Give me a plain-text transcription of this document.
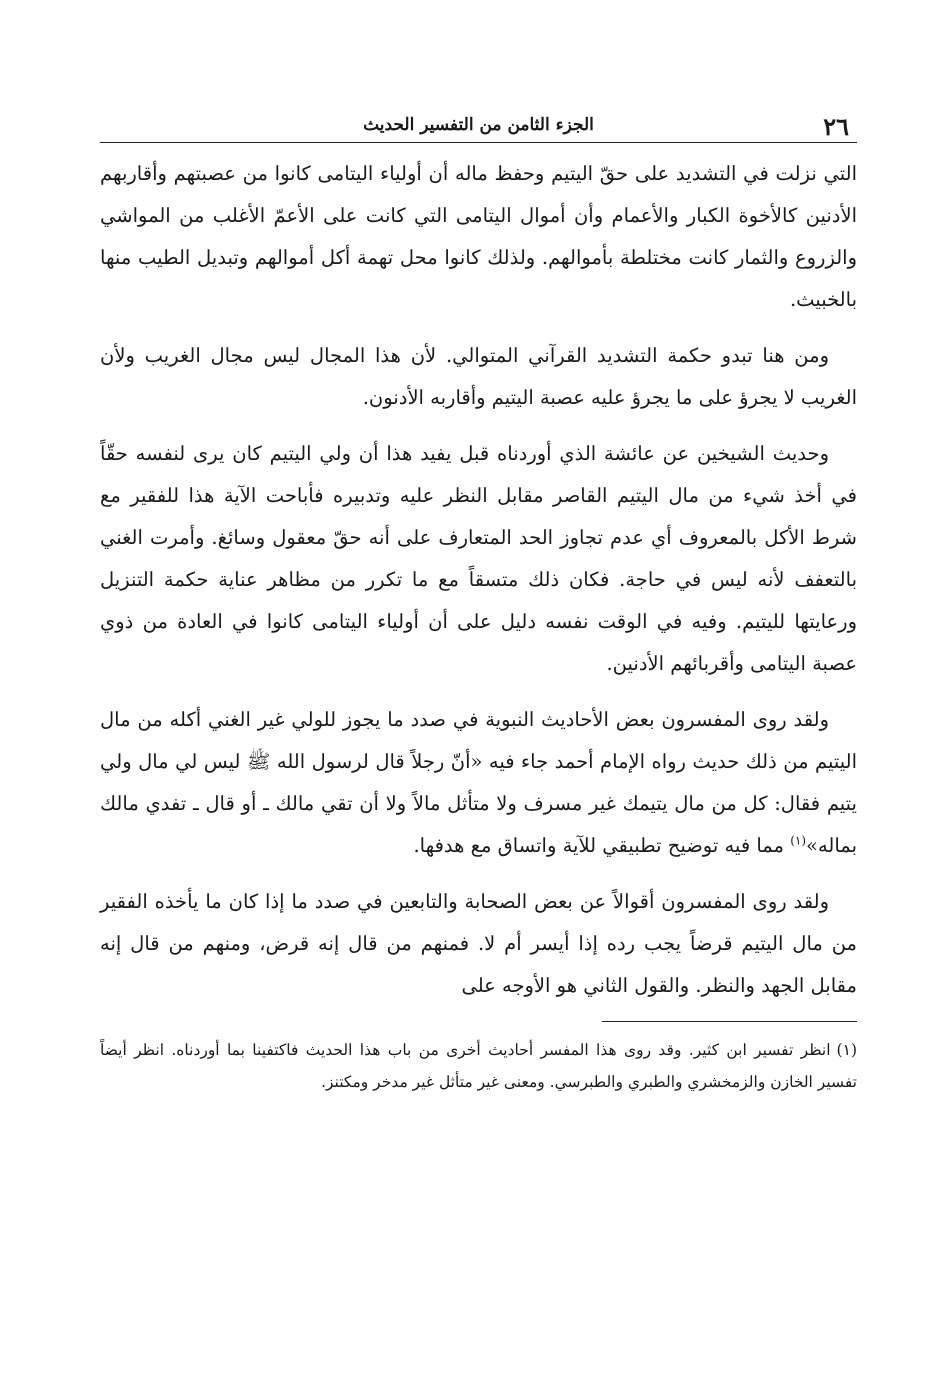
٢٦
الجزء الثامن من التفسير الحديث

التي نزلت في التشديد على حقّ اليتيم وحفظ ماله أن أولياء اليتامى كانوا من عصبتهم وأقاربهم الأدنين كالأخوة الكبار والأعمام وأن أموال اليتامى التي كانت على الأعمّ الأغلب من المواشي والزروع والثمار كانت مختلطة بأموالهم. ولذلك كانوا محل تهمة أكل أموالهم وتبديل الطيب منها بالخبيث.

ومن هنا تبدو حكمة التشديد القرآني المتوالي. لأن هذا المجال ليس مجال الغريب ولأن الغريب لا يجرؤ على ما يجرؤ عليه عصبة اليتيم وأقاربه الأدنون.

وحديث الشيخين عن عائشة الذي أوردناه قبل يفيد هذا أن ولي اليتيم كان يرى لنفسه حقّاً في أخذ شيء من مال اليتيم القاصر مقابل النظر عليه وتدبيره فأباحت الآية هذا للفقير مع شرط الأكل بالمعروف أي عدم تجاوز الحد المتعارف على أنه حقّ معقول وسائغ. وأمرت الغني بالتعفف لأنه ليس في حاجة. فكان ذلك متسقاً مع ما تكرر من مظاهر عناية حكمة التنزيل ورعايتها لليتيم. وفيه في الوقت نفسه دليل على أن أولياء اليتامى كانوا في العادة من ذوي عصبة اليتامى وأقربائهم الأدنين.

ولقد روى المفسرون بعض الأحاديث النبوية في صدد ما يجوز للولي غير الغني أكله من مال اليتيم من ذلك حديث رواه الإمام أحمد جاء فيه «أنّ رجلاً قال لرسول الله ﷺ ليس لي مال ولي يتيم فقال: كل من مال يتيمك غير مسرف ولا متأثل مالاً ولا أن تقي مالك ـ أو قال ـ تفدي مالك بماله»$^{(١)}$ مما فيه توضيح تطبيقي للآية واتساق مع هدفها.

ولقد روى المفسرون أقوالاً عن بعض الصحابة والتابعين في صدد ما إذا كان ما يأخذه الفقير من مال اليتيم قرضاً يجب رده إذا أيسر أم لا. فمنهم من قال إنه قرض، ومنهم من قال إنه مقابل الجهد والنظر. والقول الثاني هو الأوجه على

(١)انظر تفسير ابن كثير. وقد روى هذا المفسر أحاديث أخرى من باب هذا الحديث فاكتفينا بما أوردناه. انظر أيضاً تفسير الخازن والزمخشري والطبري والطبرسي. ومعنى غير متأثل غير مدخر ومكتنز.
